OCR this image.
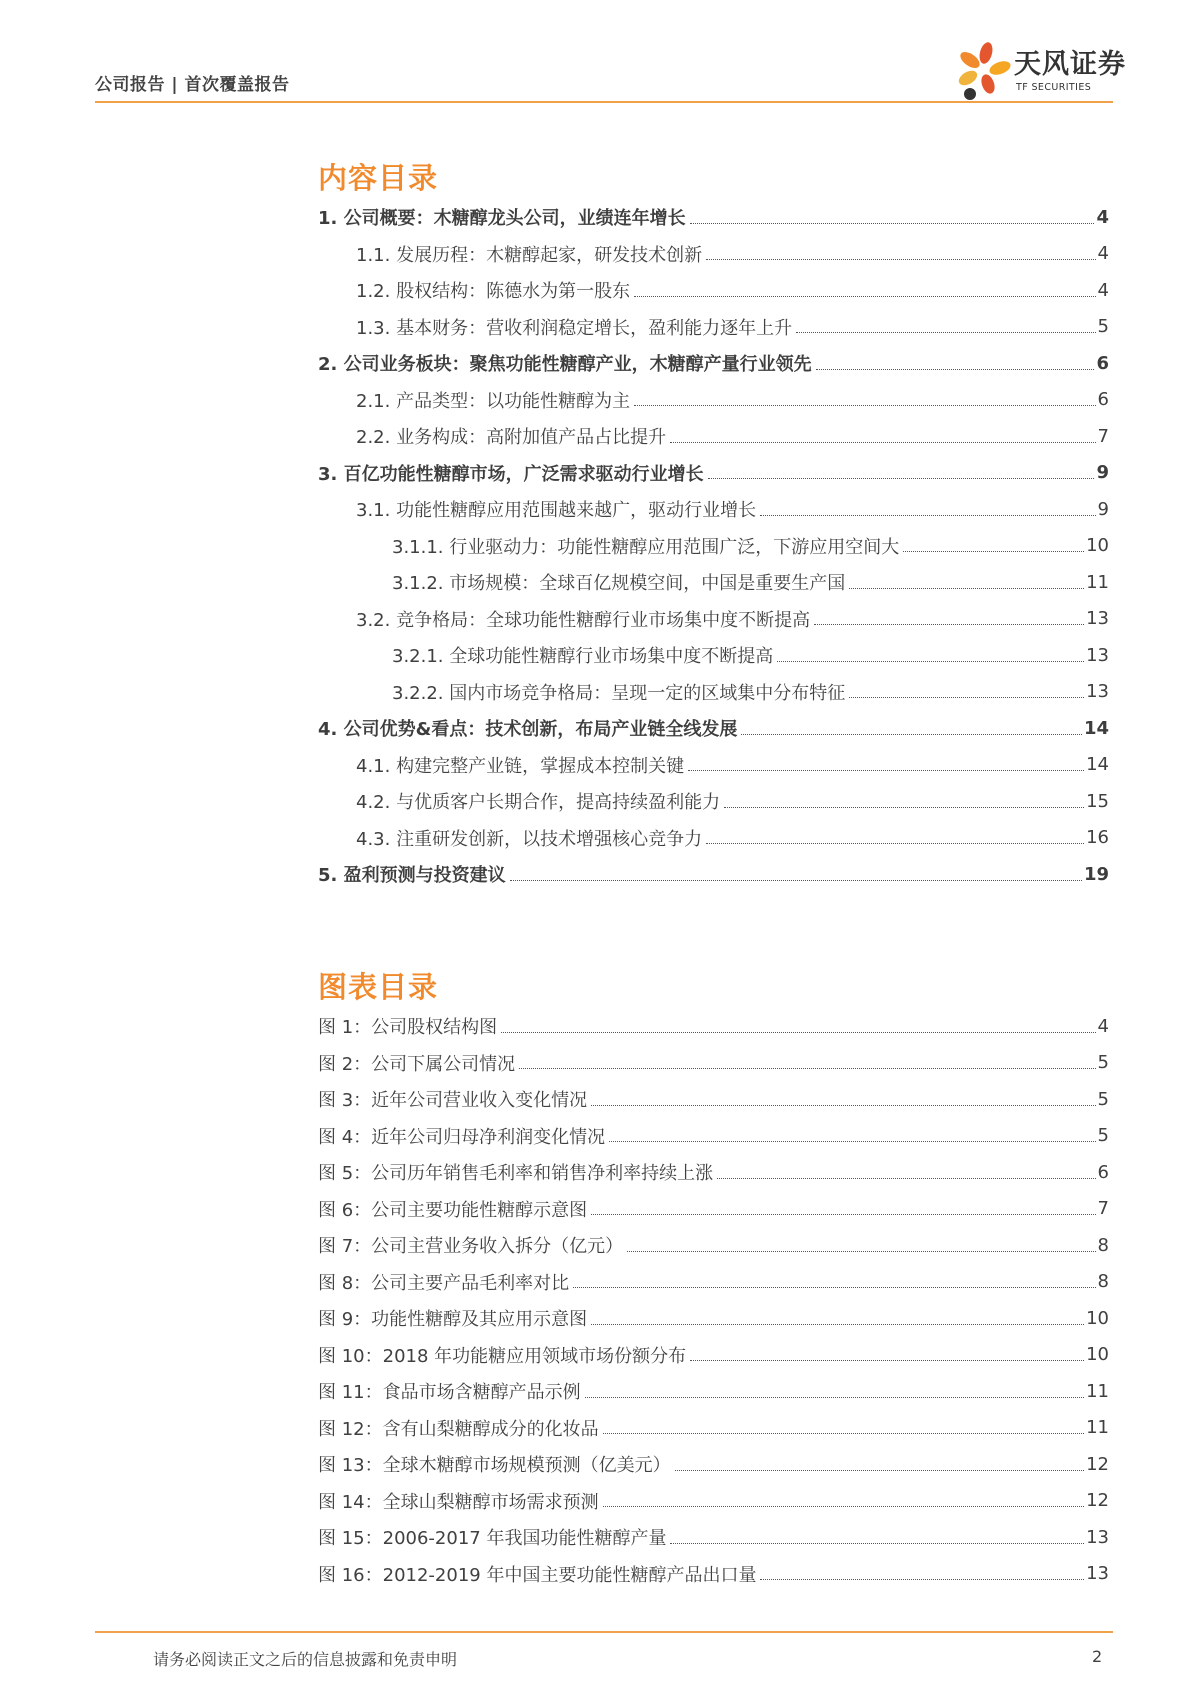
公司报告 | 首次覆盖报告
天风证券
TF SECURITIES
内容目录
1. 公司概要：木糖醇龙头公司，业绩连年增长	4
1.1. 发展历程：木糖醇起家，研发技术创新	4
1.2. 股权结构：陈德水为第一股东	4
1.3. 基本财务：营收利润稳定增长，盈利能力逐年上升	5
2. 公司业务板块：聚焦功能性糖醇产业，木糖醇产量行业领先	6
2.1. 产品类型：以功能性糖醇为主	6
2.2. 业务构成：高附加值产品占比提升	7
3. 百亿功能性糖醇市场，广泛需求驱动行业增长	9
3.1. 功能性糖醇应用范围越来越广，驱动行业增长	9
3.1.1. 行业驱动力：功能性糖醇应用范围广泛，下游应用空间大	10
3.1.2. 市场规模：全球百亿规模空间，中国是重要生产国	11
3.2. 竞争格局：全球功能性糖醇行业市场集中度不断提高	13
3.2.1. 全球功能性糖醇行业市场集中度不断提高	13
3.2.2. 国内市场竞争格局：呈现一定的区域集中分布特征	13
4. 公司优势&看点：技术创新，布局产业链全线发展	14
4.1. 构建完整产业链，掌握成本控制关键	14
4.2. 与优质客户长期合作，提高持续盈利能力	15
4.3. 注重研发创新，以技术增强核心竞争力	16
5. 盈利预测与投资建议	19
图表目录
图 1：公司股权结构图	4
图 2：公司下属公司情况	5
图 3：近年公司营业收入变化情况	5
图 4：近年公司归母净利润变化情况	5
图 5：公司历年销售毛利率和销售净利率持续上涨	6
图 6：公司主要功能性糖醇示意图	7
图 7：公司主营业务收入拆分（亿元）	8
图 8：公司主要产品毛利率对比	8
图 9：功能性糖醇及其应用示意图	10
图 10：2018 年功能糖应用领域市场份额分布	10
图 11：食品市场含糖醇产品示例	11
图 12：含有山梨糖醇成分的化妆品	11
图 13：全球木糖醇市场规模预测（亿美元）	12
图 14：全球山梨糖醇市场需求预测	12
图 15：2006-2017 年我国功能性糖醇产量	13
图 16：2012-2019 年中国主要功能性糖醇产品出口量	13
请务必阅读正文之后的信息披露和免责申明	2
